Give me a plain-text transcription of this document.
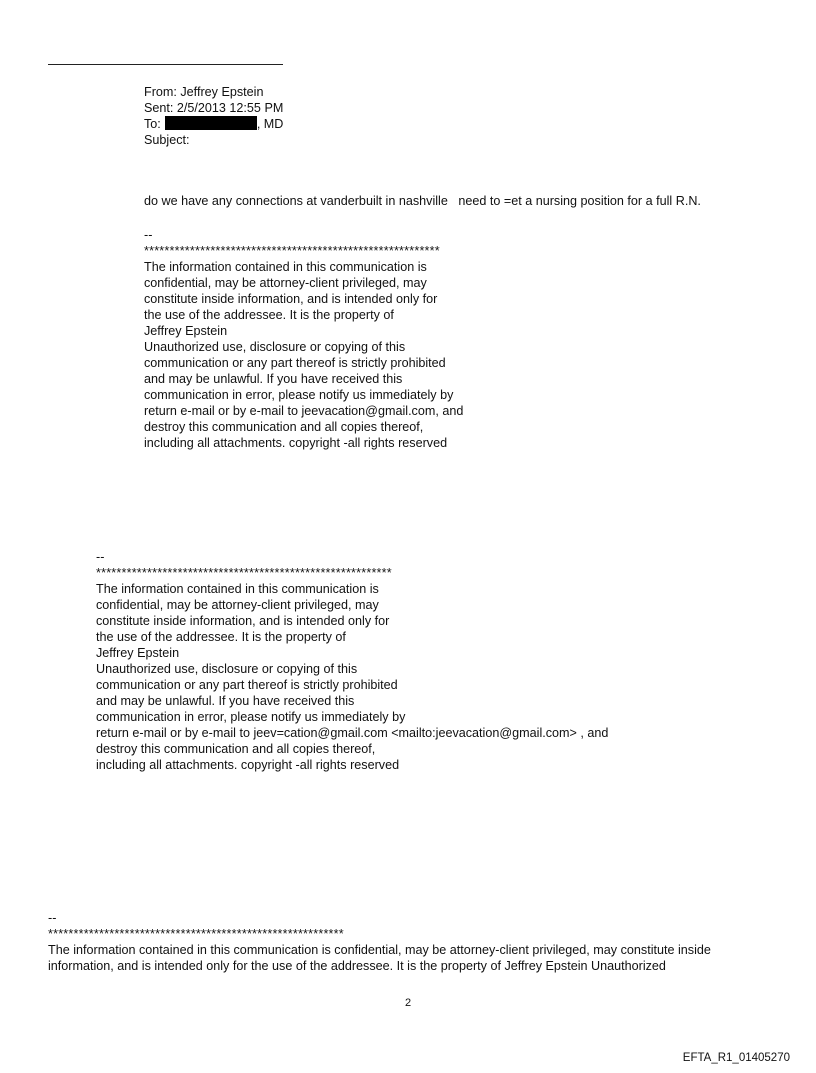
From: Jeffrey Epstein
Sent: 2/5/2013 12:55 PM
To:	, MD
Subject:
do we have any connections at vanderbuilt in nashville   need to =et a nursing position for a full R.N.
--
**********************************************************
The information contained in this communication is
confidential, may be attorney-client privileged, may
constitute inside information, and is intended only for
the use of the addressee. It is the property of
Jeffrey Epstein
Unauthorized use, disclosure or copying of this
communication or any part thereof is strictly prohibited
and may be unlawful. If you have received this
communication in error, please notify us immediately by
return e-mail or by e-mail to jeevacation@gmail.com, and
destroy this communication and all copies thereof,
including all attachments. copyright -all rights reserved
--
**********************************************************
The information contained in this communication is
confidential, may be attorney-client privileged, may
constitute inside information, and is intended only for
the use of the addressee. It is the property of
Jeffrey Epstein
Unauthorized use, disclosure or copying of this
communication or any part thereof is strictly prohibited
and may be unlawful. If you have received this
communication in error, please notify us immediately by
return e-mail or by e-mail to jeev=cation@gmail.com <mailto:jeevacation@gmail.com> , and
destroy this communication and all copies thereof,
including all attachments. copyright -all rights reserved
--
**********************************************************
The information contained in this communication is confidential, may be attorney-client privileged, may constitute inside information, and is intended only for the use of the addressee. It is the property of Jeffrey Epstein Unauthorized
2
EFTA_R1_01405270
